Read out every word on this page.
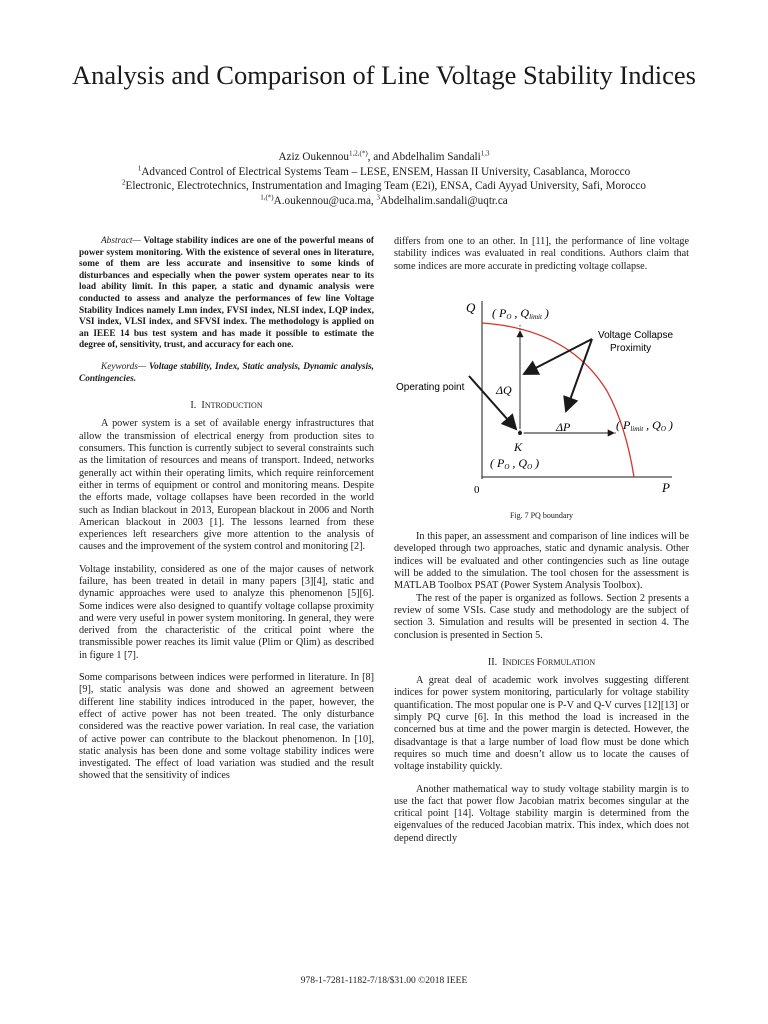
Analysis and Comparison of Line Voltage Stability Indices
Aziz Oukennou$^{1,2,(*)}$, and Abdelhalim Sandali$^{1,3}$
$^1$Advanced Control of Electrical Systems Team – LESE, ENSEM, Hassan II University, Casablanca, Morocco
$^2$Electronic, Electrotechnics, Instrumentation and Imaging Team (E2i), ENSA, Cadi Ayyad University, Safi, Morocco
$^{1,(*)}$A.oukennou@uca.ma, $^3$Abdelhalim.sandali@uqtr.ca

Abstract— Voltage stability indices are one of the powerful means of power system monitoring. With the existence of several ones in literature, some of them are less accurate and insensitive to some kinds of disturbances and especially when the power system operates near to its load ability limit. In this paper, a static and dynamic analysis were conducted to assess and analyze the performances of few line Voltage Stability Indices namely Lmn index, FVSI index, NLSI index, LQP index, VSI index, VLSI index, and SFVSI index. The methodology is applied on an IEEE 14 bus test system and has made it possible to estimate the degree of, sensitivity, trust, and accuracy for each one.

Keywords— Voltage stability, Index, Static analysis, Dynamic analysis, Contingencies.

I. INTRODUCTION

A power system is a set of available energy infrastructures that allow the transmission of electrical energy from production sites to consumers. This function is currently subject to several constraints such as the limitation of resources and means of transport. Indeed, networks generally act within their operating limits, which require reinforcement either in terms of equipment or control and monitoring means. Despite the efforts made, voltage collapses have been recorded in the world such as Indian blackout in 2013, European blackout in 2006 and North American blackout in 2003 [1]. The lessons learned from these experiences left researchers give more attention to the analysis of causes and the improvement of the system control and monitoring [2].

Voltage instability, considered as one of the major causes of network failure, has been treated in detail in many papers [3][4], static and dynamic approaches were used to analyze this phenomenon [5][6]. Some indices were also designed to quantify voltage collapse proximity and were very useful in power system monitoring. In general, they were derived from the characteristic of the critical point where the transmissible power reaches its limit value (Plim or Qlim) as described in figure 1 [7].

Some comparisons between indices were performed in literature. In [8][9], static analysis was done and showed an agreement between different line stability indices introduced in the paper, however, the effect of active power has not been treated. The only disturbance considered was the reactive power variation. In real case, the variation of active power can contribute to the blackout phenomenon. In [10], static analysis has been done and some voltage stability indices were investigated. The effect of load variation was studied and the result showed that the sensitivity of indices

differs from one to an other. In [11], the performance of line voltage stability indices was evaluated in real conditions. Authors claim that some indices are more accurate in predicting voltage collapse.

Q
P
0
( PO , Qlimit )
Voltage Collapse
Proximity
Operating point	ΔQ
ΔP	( Plimit , QO )
K
( PO , QO )
Fig. 7 PQ boundary

In this paper, an assessment and comparison of line indices will be developed through two approaches, static and dynamic analysis. Other indices will be evaluated and other contingencies such as line outage will be added to the simulation. The tool chosen for the assessment is MATLAB Toolbox PSAT (Power System Analysis Toolbox).

The rest of the paper is organized as follows. Section 2 presents a review of some VSIs. Case study and methodology are the subject of section 3. Simulation and results will be presented in section 4. The conclusion is presented in Section 5.

II. INDICES FORMULATION

A great deal of academic work involves suggesting different indices for power system monitoring, particularly for voltage stability quantification. The most popular one is P-V and Q-V curves [12][13] or simply PQ curve [6]. In this method the load is increased in the concerned bus at time and the power margin is detected. However, the disadvantage is that a large number of load flow must be done which requires so much time and doesn’t allow us to locate the causes of voltage instability quickly.

Another mathematical way to study voltage stability margin is to use the fact that power flow Jacobian matrix becomes singular at the critical point [14]. Voltage stability margin is determined from the eigenvalues of the reduced Jacobian matrix. This index, which does not depend directly

978-1-7281-1182-7/18/$31.00 ©2018 IEEE
